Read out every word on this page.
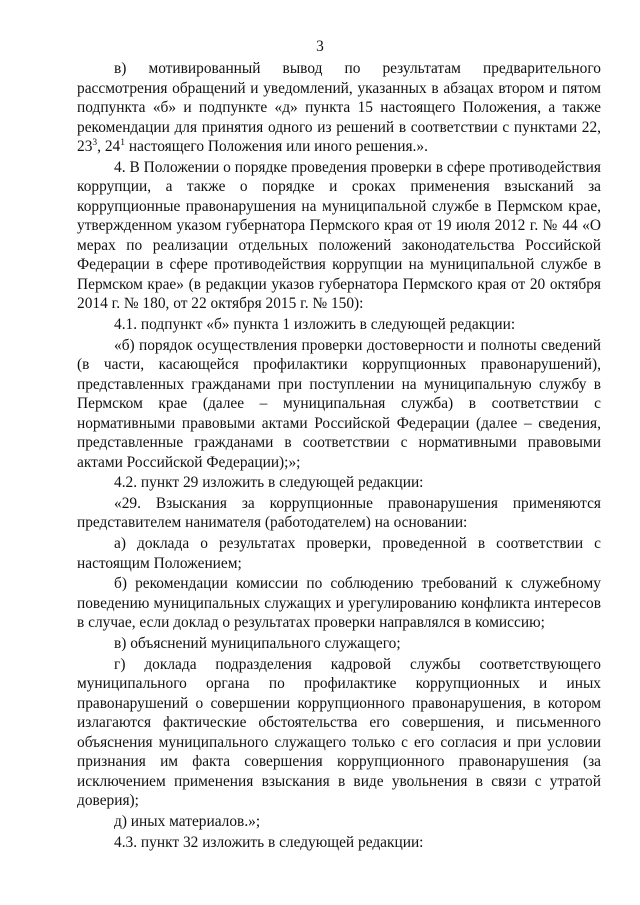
3

в) мотивированный вывод по результатам предварительного рассмотрения обращений и уведомлений, указанных в абзацах втором и пятом подпункта «б» и подпункте «д» пункта 15 настоящего Положения, а также рекомендации для принятия одного из решений в соответствии с пунктами 22, $23^3$, $24^1$ настоящего Положения или иного решения.».

4. В Положении о порядке проведения проверки в сфере противодействия коррупции, а также о порядке и сроках применения взысканий за коррупционные правонарушения на муниципальной службе в Пермском крае, утвержденном указом губернатора Пермского края от 19 июля 2012 г. № 44 «О мерах по реализации отдельных положений законодательства Российской Федерации в сфере противодействия коррупции на муниципальной службе в Пермском крае» (в редакции указов губернатора Пермского края от 20 октября 2014 г. № 180, от 22 октября 2015 г. № 150):

4.1. подпункт «б» пункта 1 изложить в следующей редакции:

«б) порядок осуществления проверки достоверности и полноты сведений (в части, касающейся профилактики коррупционных правонарушений), представленных гражданами при поступлении на муниципальную службу в Пермском крае (далее – муниципальная служба) в соответствии с нормативными правовыми актами Российской Федерации (далее – сведения, представленные гражданами в соответствии с нормативными правовыми актами Российской Федерации);»;

4.2. пункт 29 изложить в следующей редакции:

«29. Взыскания за коррупционные правонарушения применяются представителем нанимателя (работодателем) на основании:

а) доклада о результатах проверки, проведенной в соответствии с настоящим Положением;

б) рекомендации комиссии по соблюдению требований к служебному поведению муниципальных служащих и урегулированию конфликта интересов в случае, если доклад о результатах проверки направлялся в комиссию;

в) объяснений муниципального служащего;

г) доклада подразделения кадровой службы соответствующего муниципального органа по профилактике коррупционных и иных правонарушений о совершении коррупционного правонарушения, в котором излагаются фактические обстоятельства его совершения, и письменного объяснения муниципального служащего только с его согласия и при условии признания им факта совершения коррупционного правонарушения (за исключением применения взыскания в виде увольнения в связи с утратой доверия);

д) иных материалов.»;

4.3. пункт 32 изложить в следующей редакции:
